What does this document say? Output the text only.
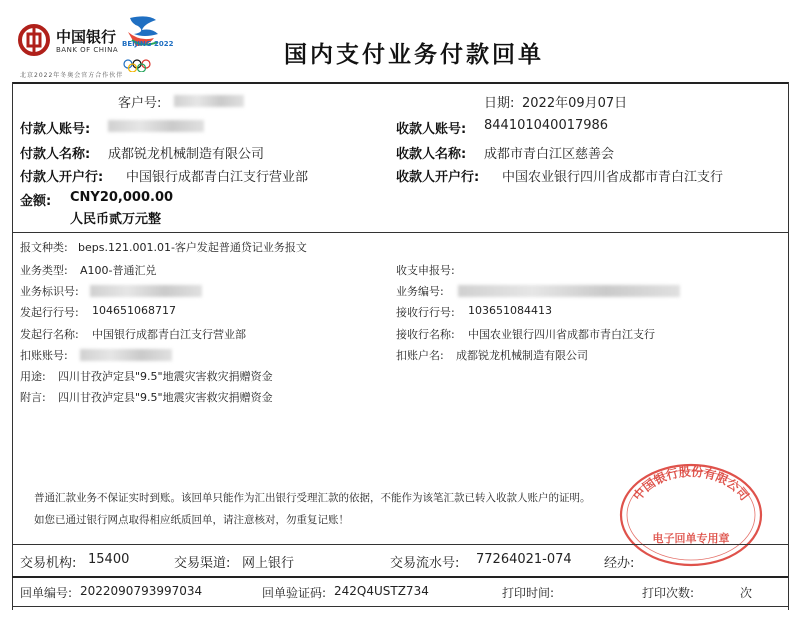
中国银行
BANK OF CHINA
BEIJING 2022
北京2022年冬奥会官方合作伙伴
国内支付业务付款回单
客户号:	日期: 2022年09月07日
付款人账号:	收款人账号: 844101040017986
付款人名称: 成都锐龙机械制造有限公司	收款人名称: 成都市青白江区慈善会
付款人开户行: 中国银行成都青白江支行营业部	收款人开户行: 中国农业银行四川省成都市青白江支行
金额: CNY20,000.00
人民币贰万元整
报文种类: beps.121.001.01-客户发起普通贷记业务报文
业务类型: A100-普通汇兑	收支申报号:
业务标识号:	业务编号:
发起行行号: 104651068717	接收行行号: 103651084413
发起行名称: 中国银行成都青白江支行营业部	接收行名称: 中国农业银行四川省成都市青白江支行
扣账账号:	扣账户名: 成都锐龙机械制造有限公司
用途: 四川甘孜泸定县"9.5"地震灾害救灾捐赠资金
附言: 四川甘孜泸定县"9.5"地震灾害救灾捐赠资金
普通汇款业务不保证实时到账。该回单只能作为汇出银行受理汇款的依据，不能作为该笔汇款已转入收款人账户的证明。
如您已通过银行网点取得相应纸质回单，请注意核对，勿重复记账！
中国银行股份有限公司
电子回单专用章
交易机构: 15400	交易渠道: 网上银行	交易流水号: 77264021-074 经办:
回单编号: 2022090793997034	回单验证码: 242Q4USTZ734	打印时间:	打印次数:	次
